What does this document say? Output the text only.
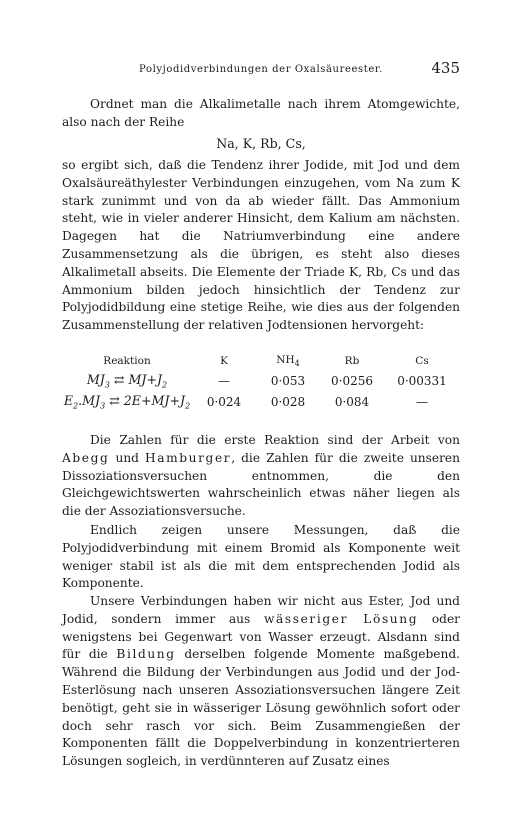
Polyjodidverbindungen der Oxalsäureester.	435

Ordnet man die Alkalimetalle nach ihrem Atomgewichte, also nach der Reihe

Na, K, Rb, Cs,

so ergibt sich, daß die Tendenz ihrer Jodide, mit Jod und dem Oxalsäureäthylester Verbindungen einzugehen, vom Na zum K stark zunimmt und von da ab wieder fällt. Das Ammonium steht, wie in vieler anderer Hinsicht, dem Kalium am nächsten. Dagegen hat die Natriumverbindung eine andere Zusammensetzung als die übrigen, es steht also dieses Alkalimetall abseits. Die Elemente der Triade K, Rb, Cs und das Ammonium bilden jedoch hinsichtlich der Tendenz zur Polyjodidbildung eine stetige Reihe, wie dies aus der folgenden Zusammenstellung der relativen Jodtensionen hervorgeht:

Reaktion	K	$NH_4$	Rb	Cs
$MJ_3$ ⇄ $MJ+J_2$	—	0·053	0·0256	0·00331
$E_2.MJ_3$ ⇄ $2E+MJ+J_2$	0·024	0·028	0·084	—

Die Zahlen für die erste Reaktion sind der Arbeit von Abegg und Hamburger, die Zahlen für die zweite unseren Dissoziationsversuchen entnommen, die den Gleichgewichtswerten wahrscheinlich etwas näher liegen als die der Assoziationsversuche.

Endlich zeigen unsere Messungen, daß die Polyjodidverbindung mit einem Bromid als Komponente weit weniger stabil ist als die mit dem entsprechenden Jodid als Komponente.

Unsere Verbindungen haben wir nicht aus Ester, Jod und Jodid, sondern immer aus wässeriger Lösung oder wenigstens bei Gegenwart von Wasser erzeugt. Alsdann sind für die Bildung derselben folgende Momente maßgebend. Während die Bildung der Verbindungen aus Jodid und der Jod-Esterlösung nach unseren Assoziationsversuchen längere Zeit benötigt, geht sie in wässeriger Lösung gewöhnlich sofort oder doch sehr rasch vor sich. Beim Zusammengießen der Komponenten fällt die Doppelverbindung in konzentrierteren Lösungen sogleich, in verdünnteren auf Zusatz eines
